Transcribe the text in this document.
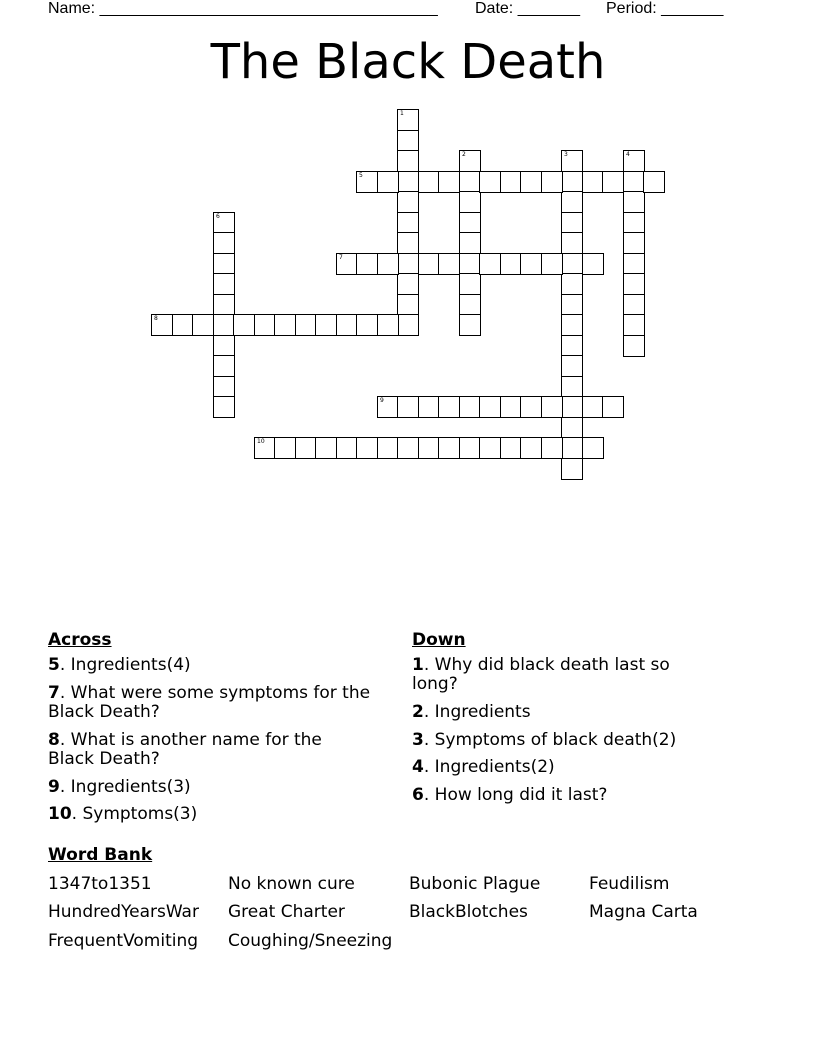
Name: ______________________________________ Date: _______ Period: _______
The Black Death
1
2	3	4
5
6
7
8
9
10
Across
5. Ingredients(4)
7. What were some symptoms for the Black Death?
8. What is another name for the Black Death?
9. Ingredients(3)
10. Symptoms(3)
Down
1. Why did black death last so long?
2. Ingredients
3. Symptoms of black death(2)
4. Ingredients(2)
6. How long did it last?
Word Bank
1347to1351	No known cure	Bubonic Plague	Feudilism
HundredYearsWar Great Charter	BlackBlotches	Magna Carta
FrequentVomiting Coughing/Sneezing
